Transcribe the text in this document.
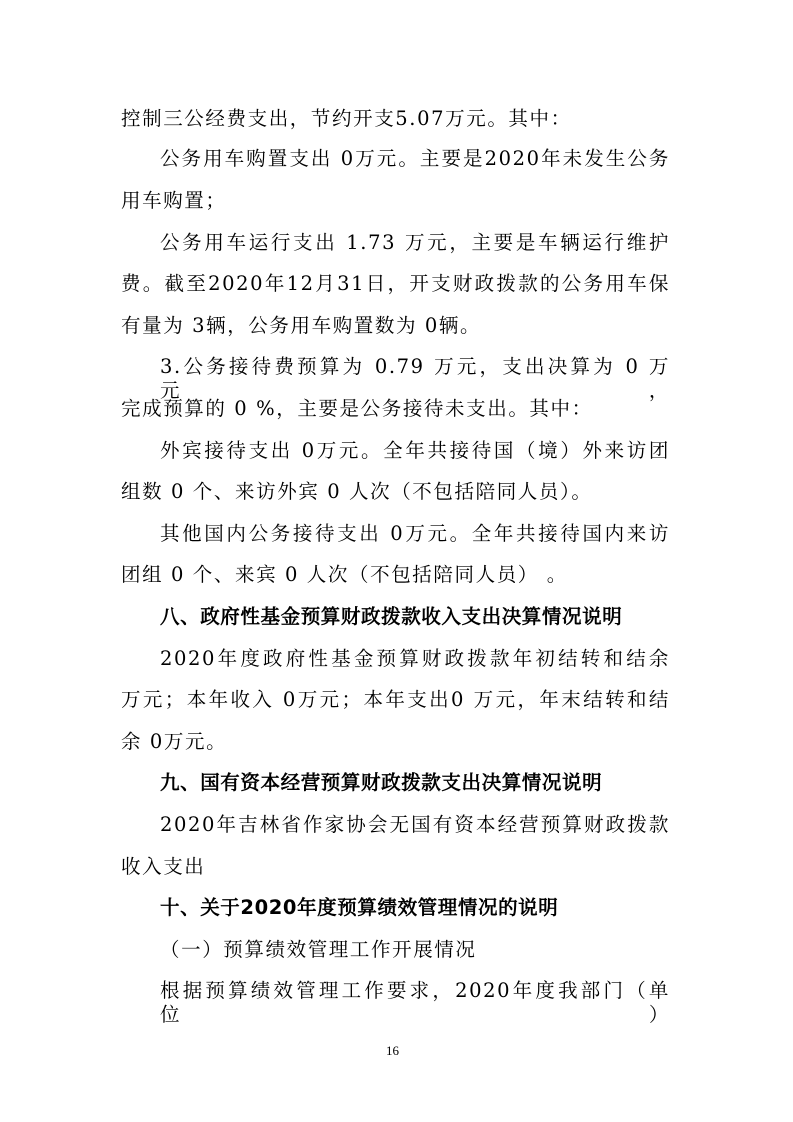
控制三公经费支出，节约开支5.07万元。其中：
公务用车购置支出 0万元。主要是2020年未发生公务
用车购置；
公务用车运行支出 1.73 万元，主要是车辆运行维护
费。截至2020年12月31日，开支财政拨款的公务用车保
有量为 3辆，公务用车购置数为 0辆。
3.公务接待费预算为 0.79 万元，支出决算为 0 万元，
完成预算的 0 %，主要是公务接待未支出。其中：
外宾接待支出 0万元。全年共接待国（境）外来访团
组数 0 个、来访外宾 0 人次（不包括陪同人员）。
其他国内公务接待支出 0万元。全年共接待国内来访
团组 0 个、来宾 0 人次（不包括陪同人员） 。
八、政府性基金预算财政拨款收入支出决算情况说明
2020年度政府性基金预算财政拨款年初结转和结余
万元；本年收入 0万元；本年支出0 万元，年末结转和结
余 0万元。
九、国有资本经营预算财政拨款支出决算情况说明
2020年吉林省作家协会无国有资本经营预算财政拨款
收入支出
十、关于2020年度预算绩效管理情况的说明
（一）预算绩效管理工作开展情况
根据预算绩效管理工作要求，2020年度我部门（单位）
16
